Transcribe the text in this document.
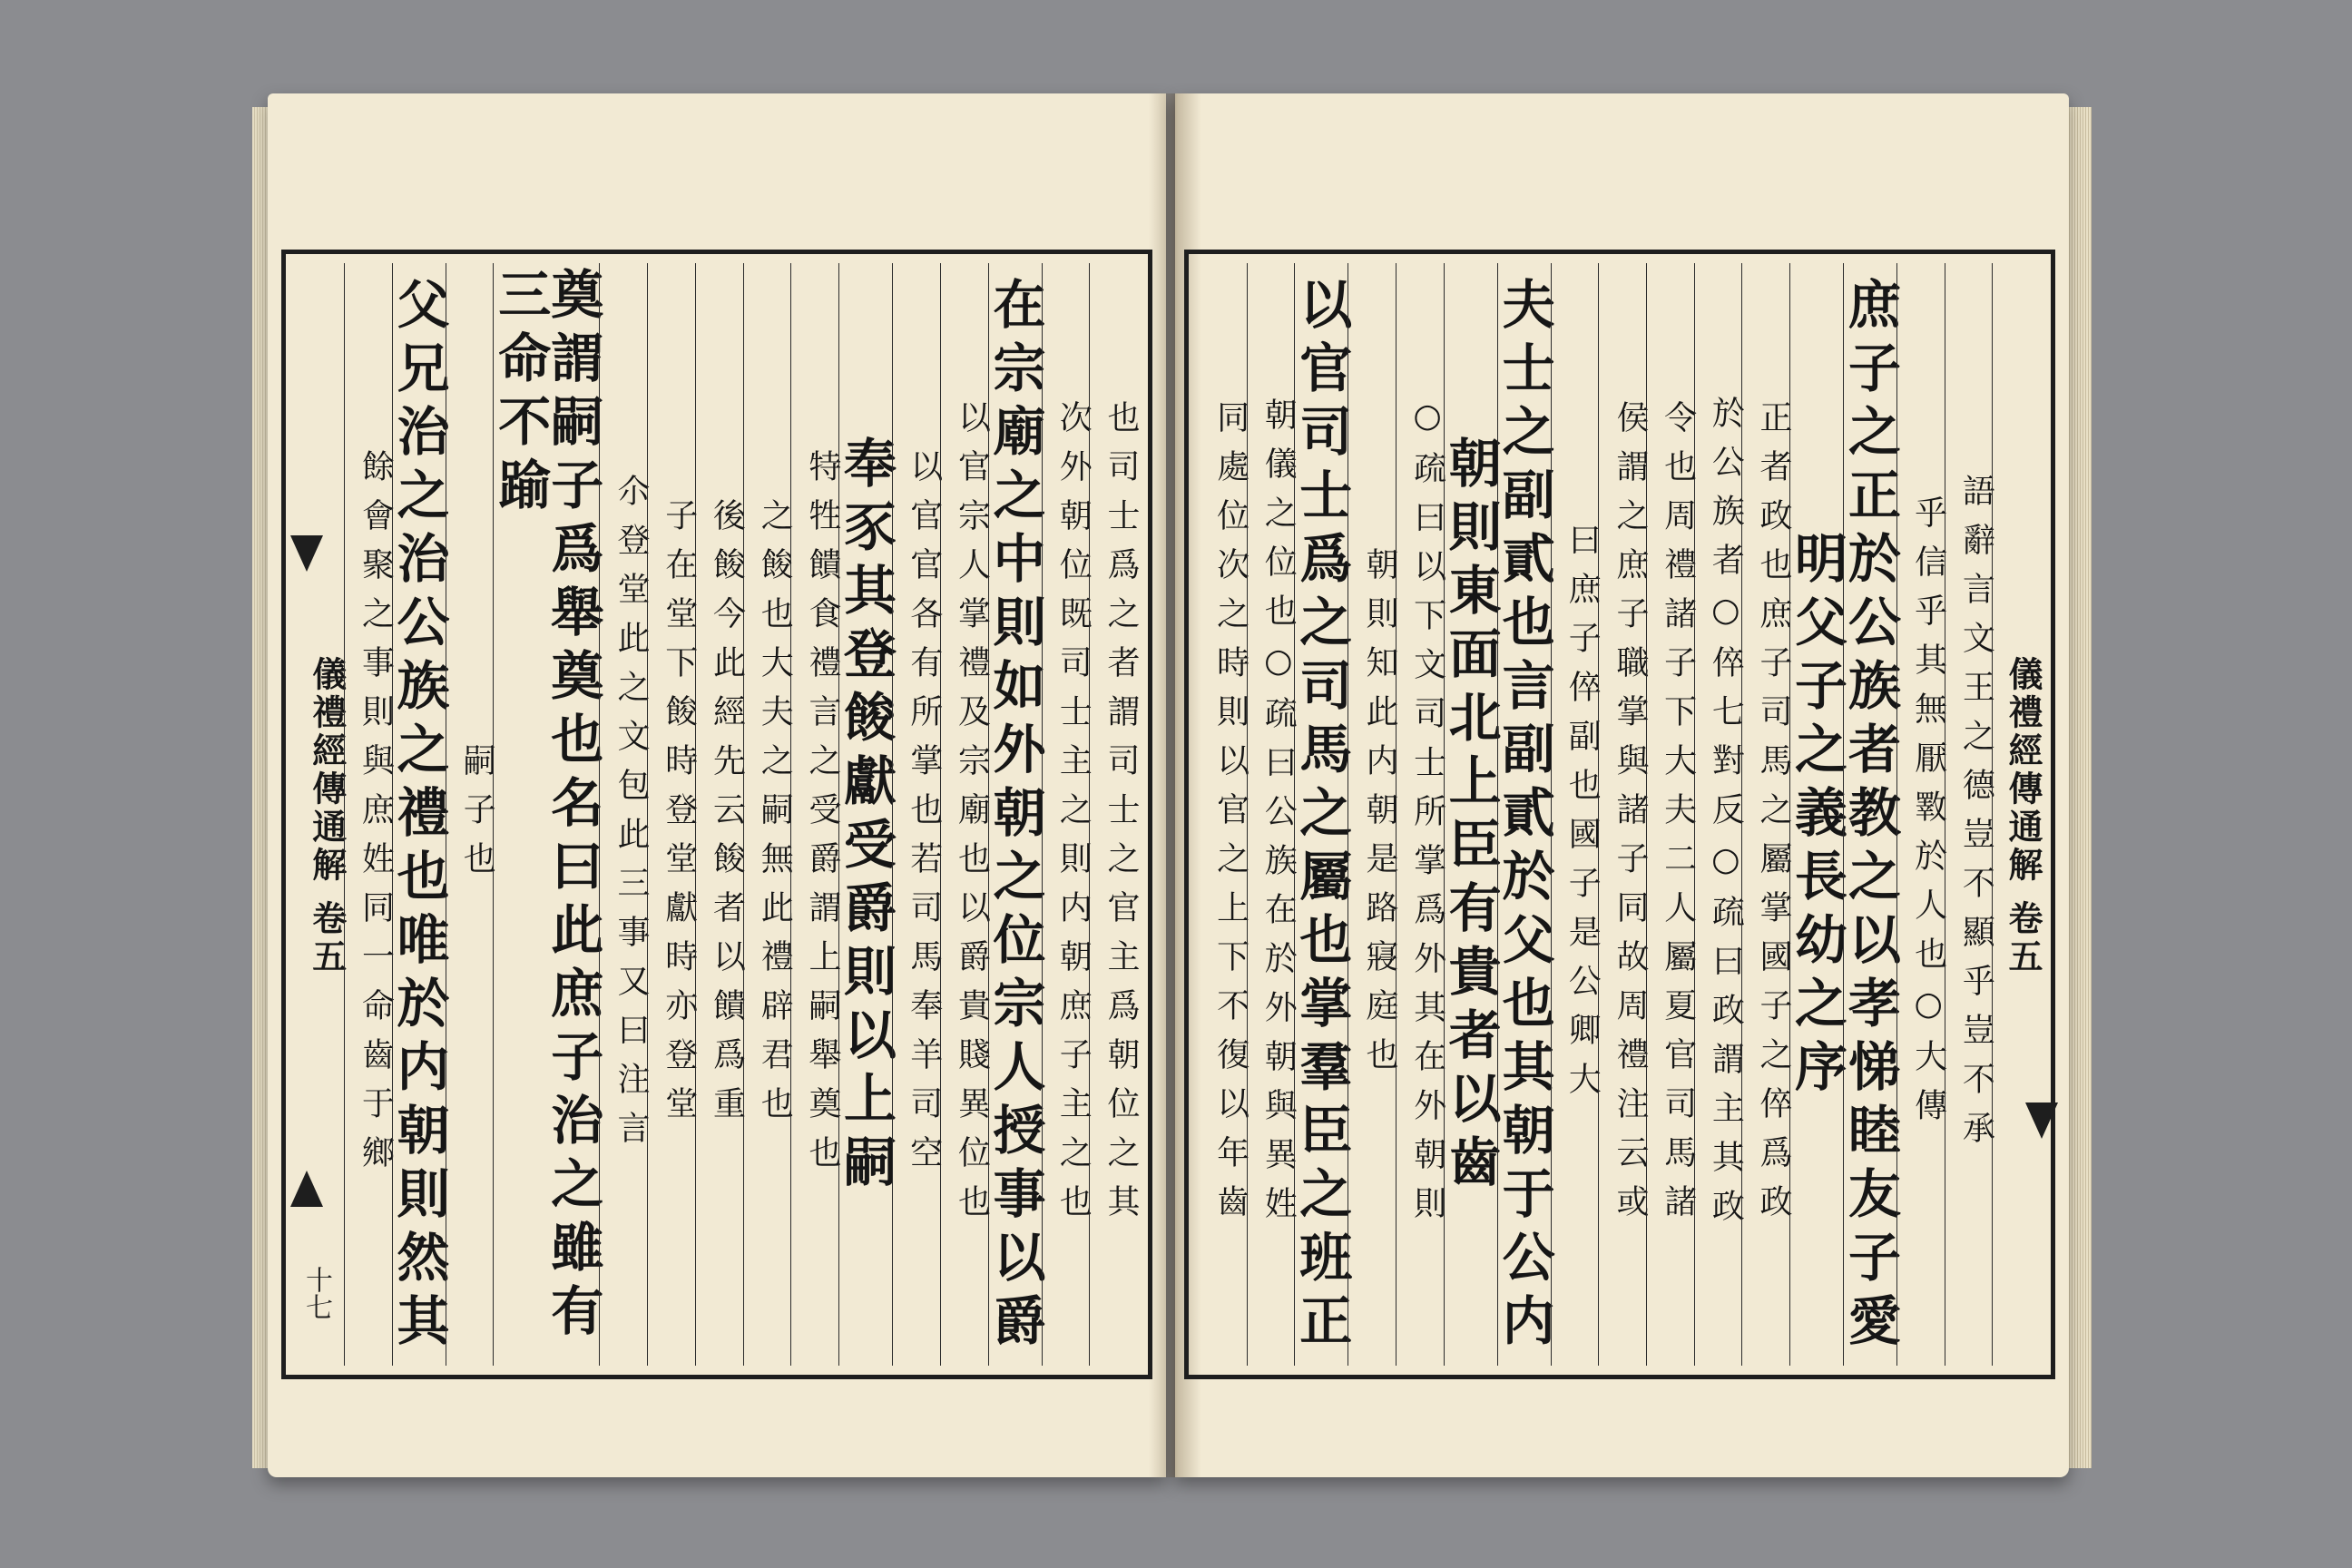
也司士爲之者謂司士之官主爲朝位之其
次外朝位既司士主之則内朝庶子主之也
在宗廟之中則如外朝之位宗人授事以爵
以官宗人掌禮及宗廟也以爵貴賤異位也
以官官各有所掌也若司馬奉羊司空
奉豕其登餕獻受爵則以上嗣
特牲饋食禮言之受爵謂上嗣舉奠也
之餕也大夫之嗣無此禮辟君也
後餕今此經先云餕者以饋爲重
子在堂下餕時登堂獻時亦登堂
尒登堂此之文包此三事又曰注言
奠謂嗣子爲舉奠也名曰此庶子治之雖有三命不踰
嗣子也
父兄治之治公族之禮也唯於内朝則然其
餘會聚之事則與庶姓同一命齒于鄉
儀禮經傳通解 卷五	儀禮經傳通解 卷五
語辭言文王之德豈不顯乎豈不承
乎信乎其無厭斁於人也○大傳
庶子之正於公族者教之以孝悌睦友子愛
明父子之義長幼之序
正者政也庶子司馬之屬掌國子之倅爲政
於公族者○倅七對反○疏曰政謂主其政
令也周禮諸子下大夫二人屬夏官司馬諸
侯謂之庶子職掌與諸子同故周禮注云或
曰庶子倅副也國子是公卿大
夫士之副貳也言副貳於父也其朝于公内
朝則東面北上臣有貴者以齒
○疏曰以下文司士所掌爲外其在外朝則
朝則知此内朝是路寢庭也
以官司士爲之司馬之屬也掌羣臣之班正
朝儀之位也○疏曰公族在於外朝與異姓
同處位次之時則以官之上下不復以年齒
十七
